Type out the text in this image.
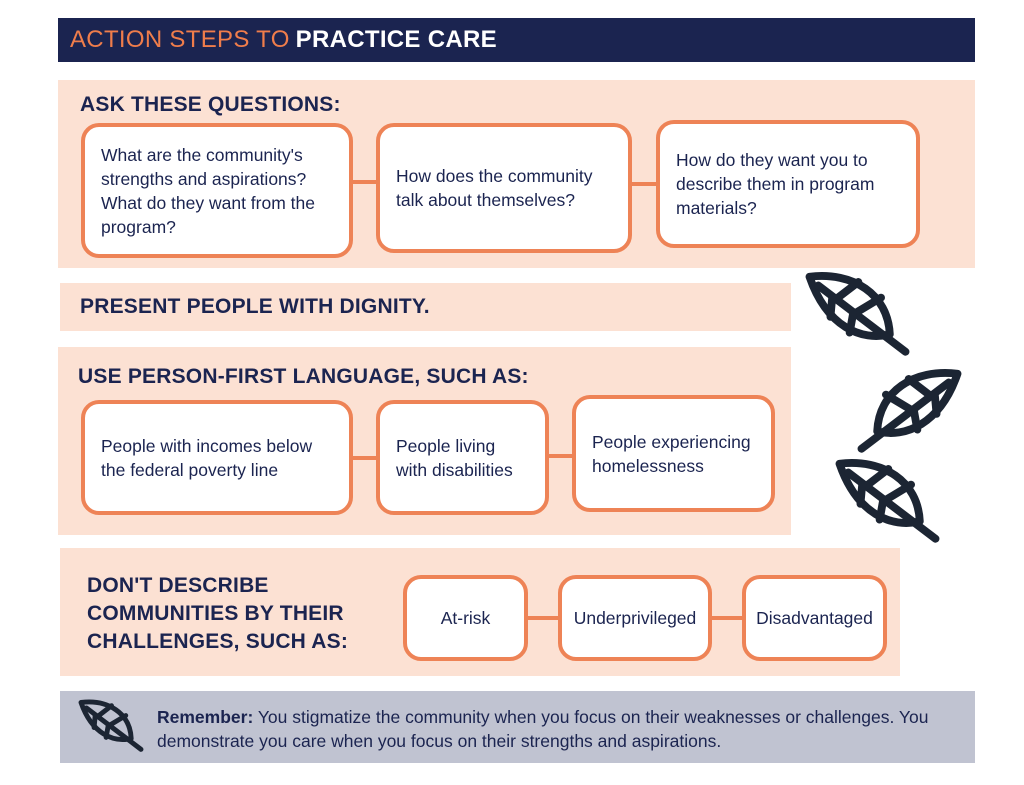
ACTION STEPS TO PRACTICE CARE
ASK THESE QUESTIONS:
What are the community's strengths and aspirations? What do they want from the program?
How does the community talk about themselves?
How do they want you to describe them in program materials?
PRESENT PEOPLE WITH DIGNITY.
USE PERSON-FIRST LANGUAGE, SUCH AS:
People with incomes below the federal poverty line
People living with disabilities
People experiencing homelessness
DON'T DESCRIBE COMMUNITIES BY THEIR CHALLENGES, SUCH AS:
At-risk	Underprivileged	Disadvantaged
Remember: You stigmatize the community when you focus on their weaknesses or challenges. You demonstrate you care when you focus on their strengths and aspirations.
